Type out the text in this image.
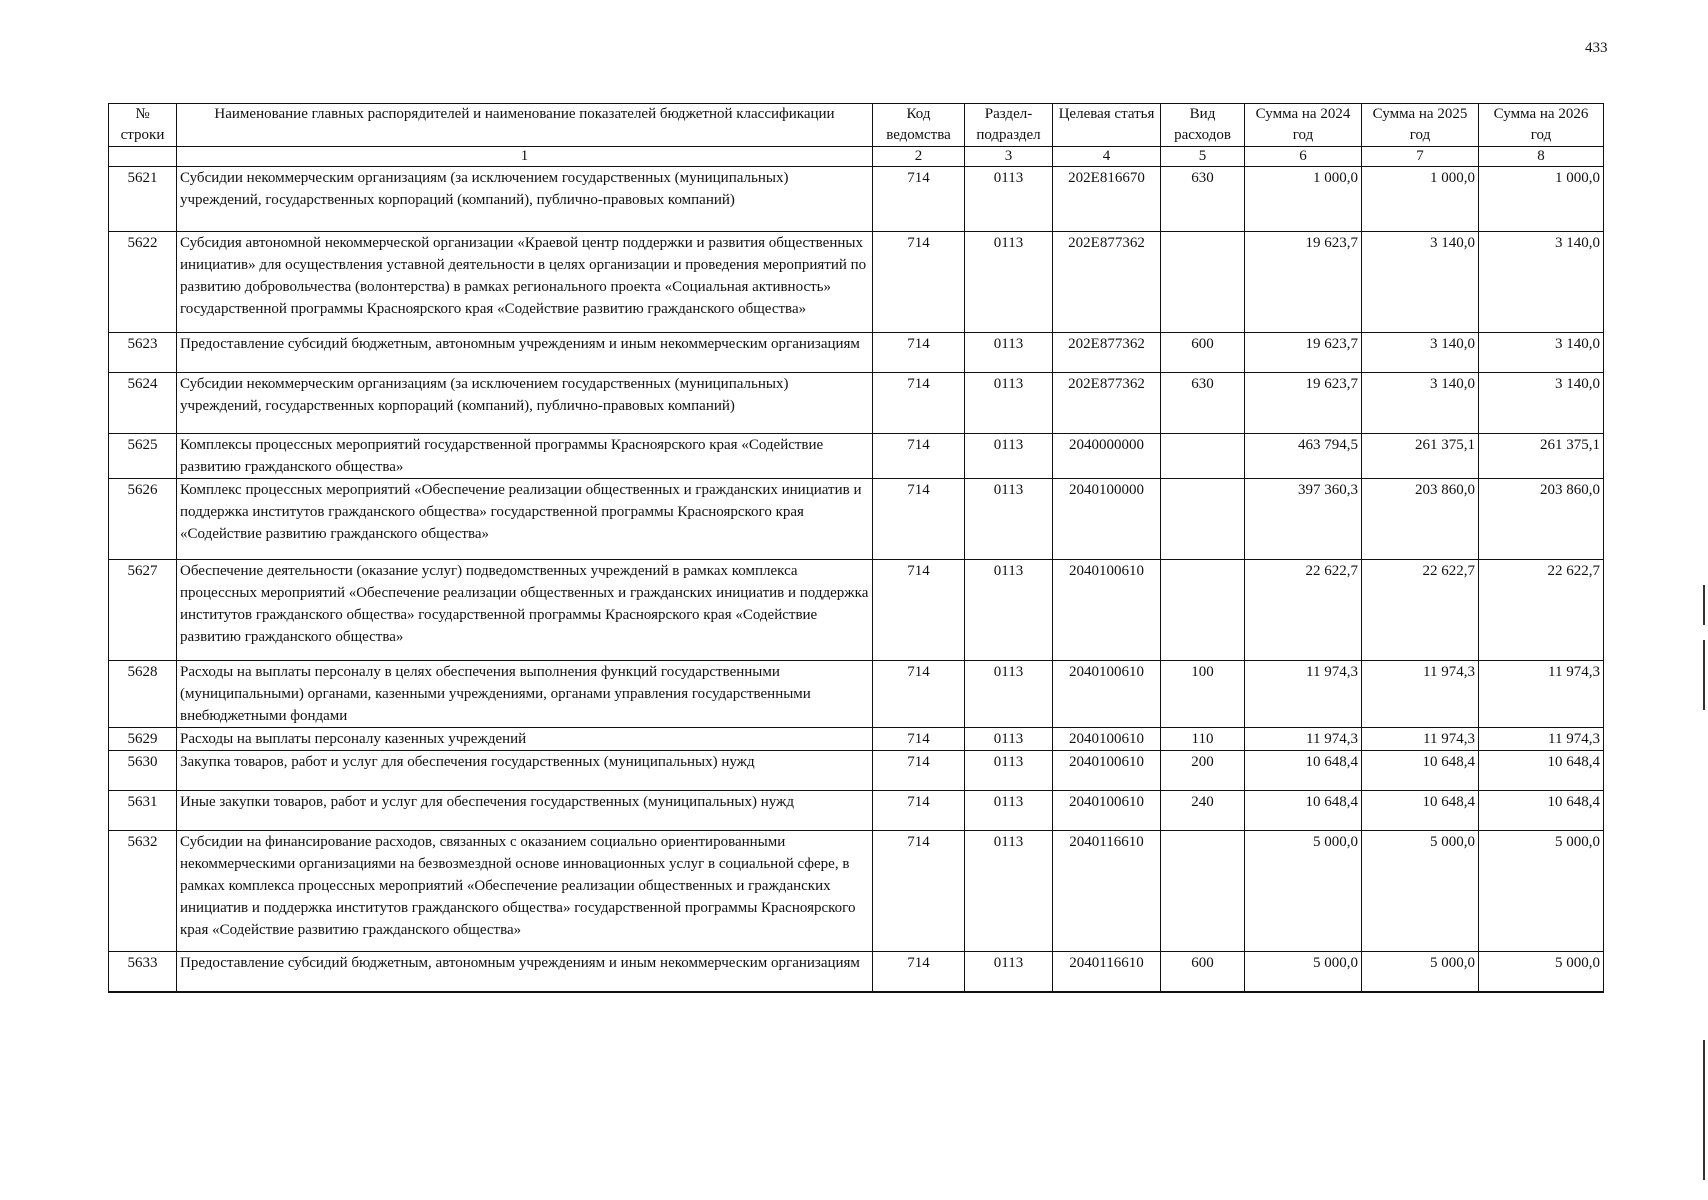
433
№ строки	Наименование главных распорядителей и наименование показателей бюджетной классификации	Код ведомства	Раздел-подраздел	Целевая статья	Вид расходов	Сумма на 2024 год	Сумма на 2025 год	Сумма на 2026 год
	1	2	3	4	5	6	7	8
5621	Субсидии некоммерческим организациям (за исключением государственных (муниципальных) учреждений, государственных корпораций (компаний), публично-правовых компаний)	714	0113	202E816670	630	1 000,0	1 000,0	1 000,0
5622	Субсидия автономной некоммерческой организации «Краевой центр поддержки и развития общественных инициатив» для осуществления уставной деятельности в целях организации и проведения мероприятий по развитию добровольчества (волонтерства) в рамках регионального проекта «Социальная активность» государственной программы Красноярского края «Содействие развитию гражданского общества»	714	0113	202E877362		19 623,7	3 140,0	3 140,0
5623	Предоставление субсидий бюджетным, автономным учреждениям и иным некоммерческим организациям	714	0113	202E877362	600	19 623,7	3 140,0	3 140,0
5624	Субсидии некоммерческим организациям (за исключением государственных (муниципальных) учреждений, государственных корпораций (компаний), публично-правовых компаний)	714	0113	202E877362	630	19 623,7	3 140,0	3 140,0
5625	Комплексы процессных мероприятий государственной программы Красноярского края «Содействие развитию гражданского общества»	714	0113	2040000000		463 794,5	261 375,1	261 375,1
5626	Комплекс процессных мероприятий «Обеспечение реализации общественных и гражданских инициатив и поддержка институтов гражданского общества» государственной программы Красноярского края «Содействие развитию гражданского общества»	714	0113	2040100000		397 360,3	203 860,0	203 860,0
5627	Обеспечение деятельности (оказание услуг) подведомственных учреждений в рамках комплекса процессных мероприятий «Обеспечение реализации общественных и гражданских инициатив и поддержка институтов гражданского общества» государственной программы Красноярского края «Содействие развитию гражданского общества»	714	0113	2040100610		22 622,7	22 622,7	22 622,7
5628	Расходы на выплаты персоналу в целях обеспечения выполнения функций государственными (муниципальными) органами, казенными учреждениями, органами управления государственными внебюджетными фондами	714	0113	2040100610	100	11 974,3	11 974,3	11 974,3
5629	Расходы на выплаты персоналу казенных учреждений	714	0113	2040100610	110	11 974,3	11 974,3	11 974,3
5630	Закупка товаров, работ и услуг для обеспечения государственных (муниципальных) нужд	714	0113	2040100610	200	10 648,4	10 648,4	10 648,4
5631	Иные закупки товаров, работ и услуг для обеспечения государственных (муниципальных) нужд	714	0113	2040100610	240	10 648,4	10 648,4	10 648,4
5632	Субсидии на финансирование расходов, связанных с оказанием социально ориентированными некоммерческими организациями на безвозмездной основе инновационных услуг в социальной сфере, в рамках комплекса процессных мероприятий «Обеспечение реализации общественных и гражданских инициатив и поддержка институтов гражданского общества» государственной программы Красноярского края «Содействие развитию гражданского общества»	714	0113	2040116610		5 000,0	5 000,0	5 000,0
5633	Предоставление субсидий бюджетным, автономным учреждениям и иным некоммерческим организациям	714	0113	2040116610	600	5 000,0	5 000,0	5 000,0
